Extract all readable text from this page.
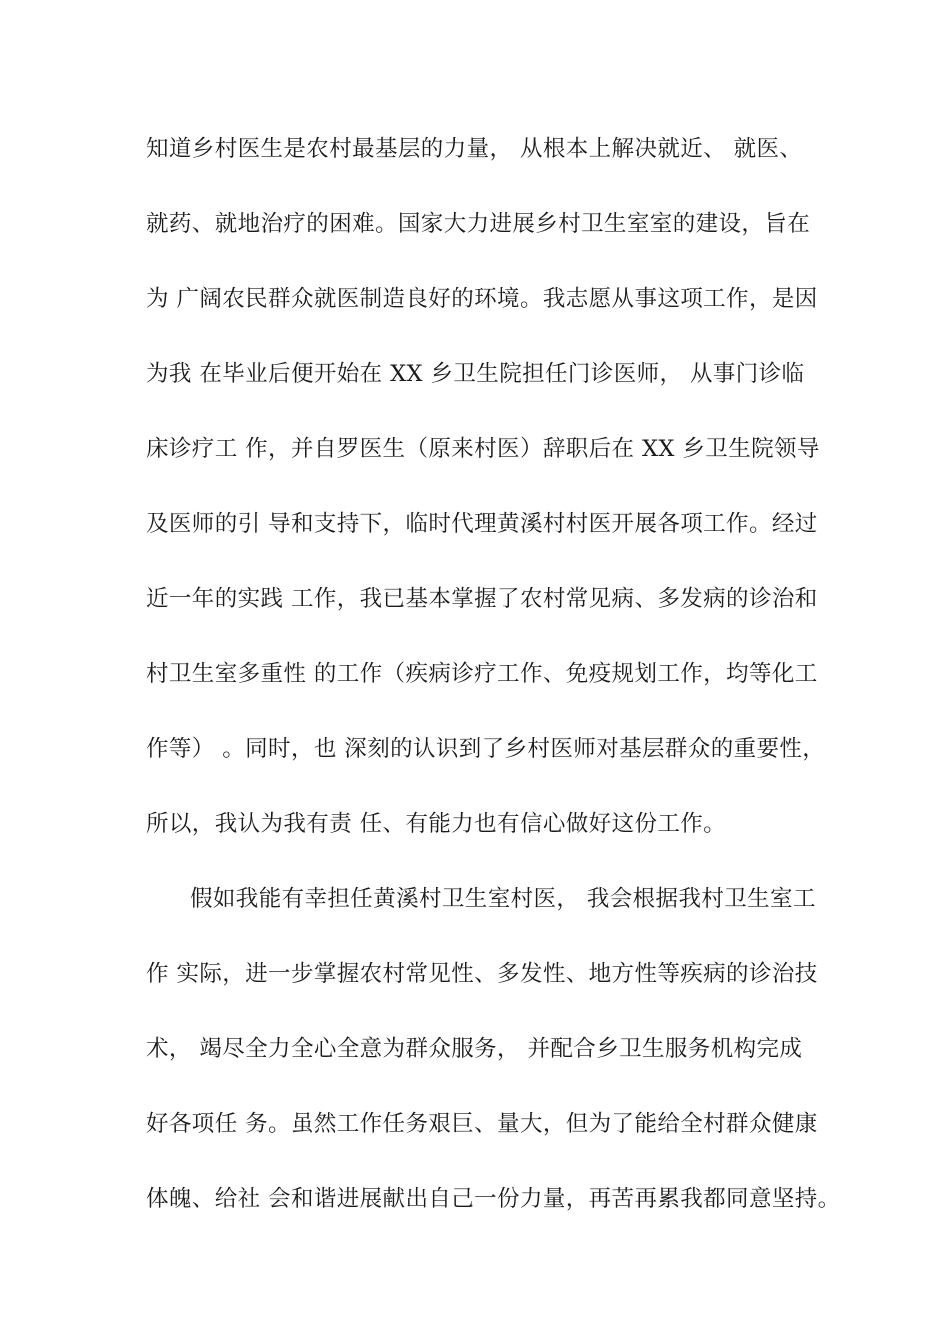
知道乡村医生是农村最基层的力量， 从根本上解决就近、 就医、
就药、就地治疗的困难。国家大力进展乡村卫生室室的建设，旨在
为 广阔农民群众就医制造良好的环境。我志愿从事这项工作，是因
为我 在毕业后便开始在 XX 乡卫生院担任门诊医师， 从事门诊临
床诊疗工 作，并自罗医生（原来村医）辞职后在 XX 乡卫生院领导
及医师的引 导和支持下，临时代理黄溪村村医开展各项工作。经过
近一年的实践 工作，我已基本掌握了农村常见病、多发病的诊治和
村卫生室多重性 的工作（疾病诊疗工作、免疫规划工作，均等化工
作等） 。同时，也 深刻的认识到了乡村医师对基层群众的重要性，
所以，我认为我有责 任、有能力也有信心做好这份工作。
假如我能有幸担任黄溪村卫生室村医， 我会根据我村卫生室工
作 实际，进一步掌握农村常见性、多发性、地方性等疾病的诊治技
术， 竭尽全力全心全意为群众服务， 并配合乡卫生服务机构完成
好各项任 务。虽然工作任务艰巨、量大，但为了能给全村群众健康
体魄、给社 会和谐进展献出自己一份力量，再苦再累我都同意坚持。
